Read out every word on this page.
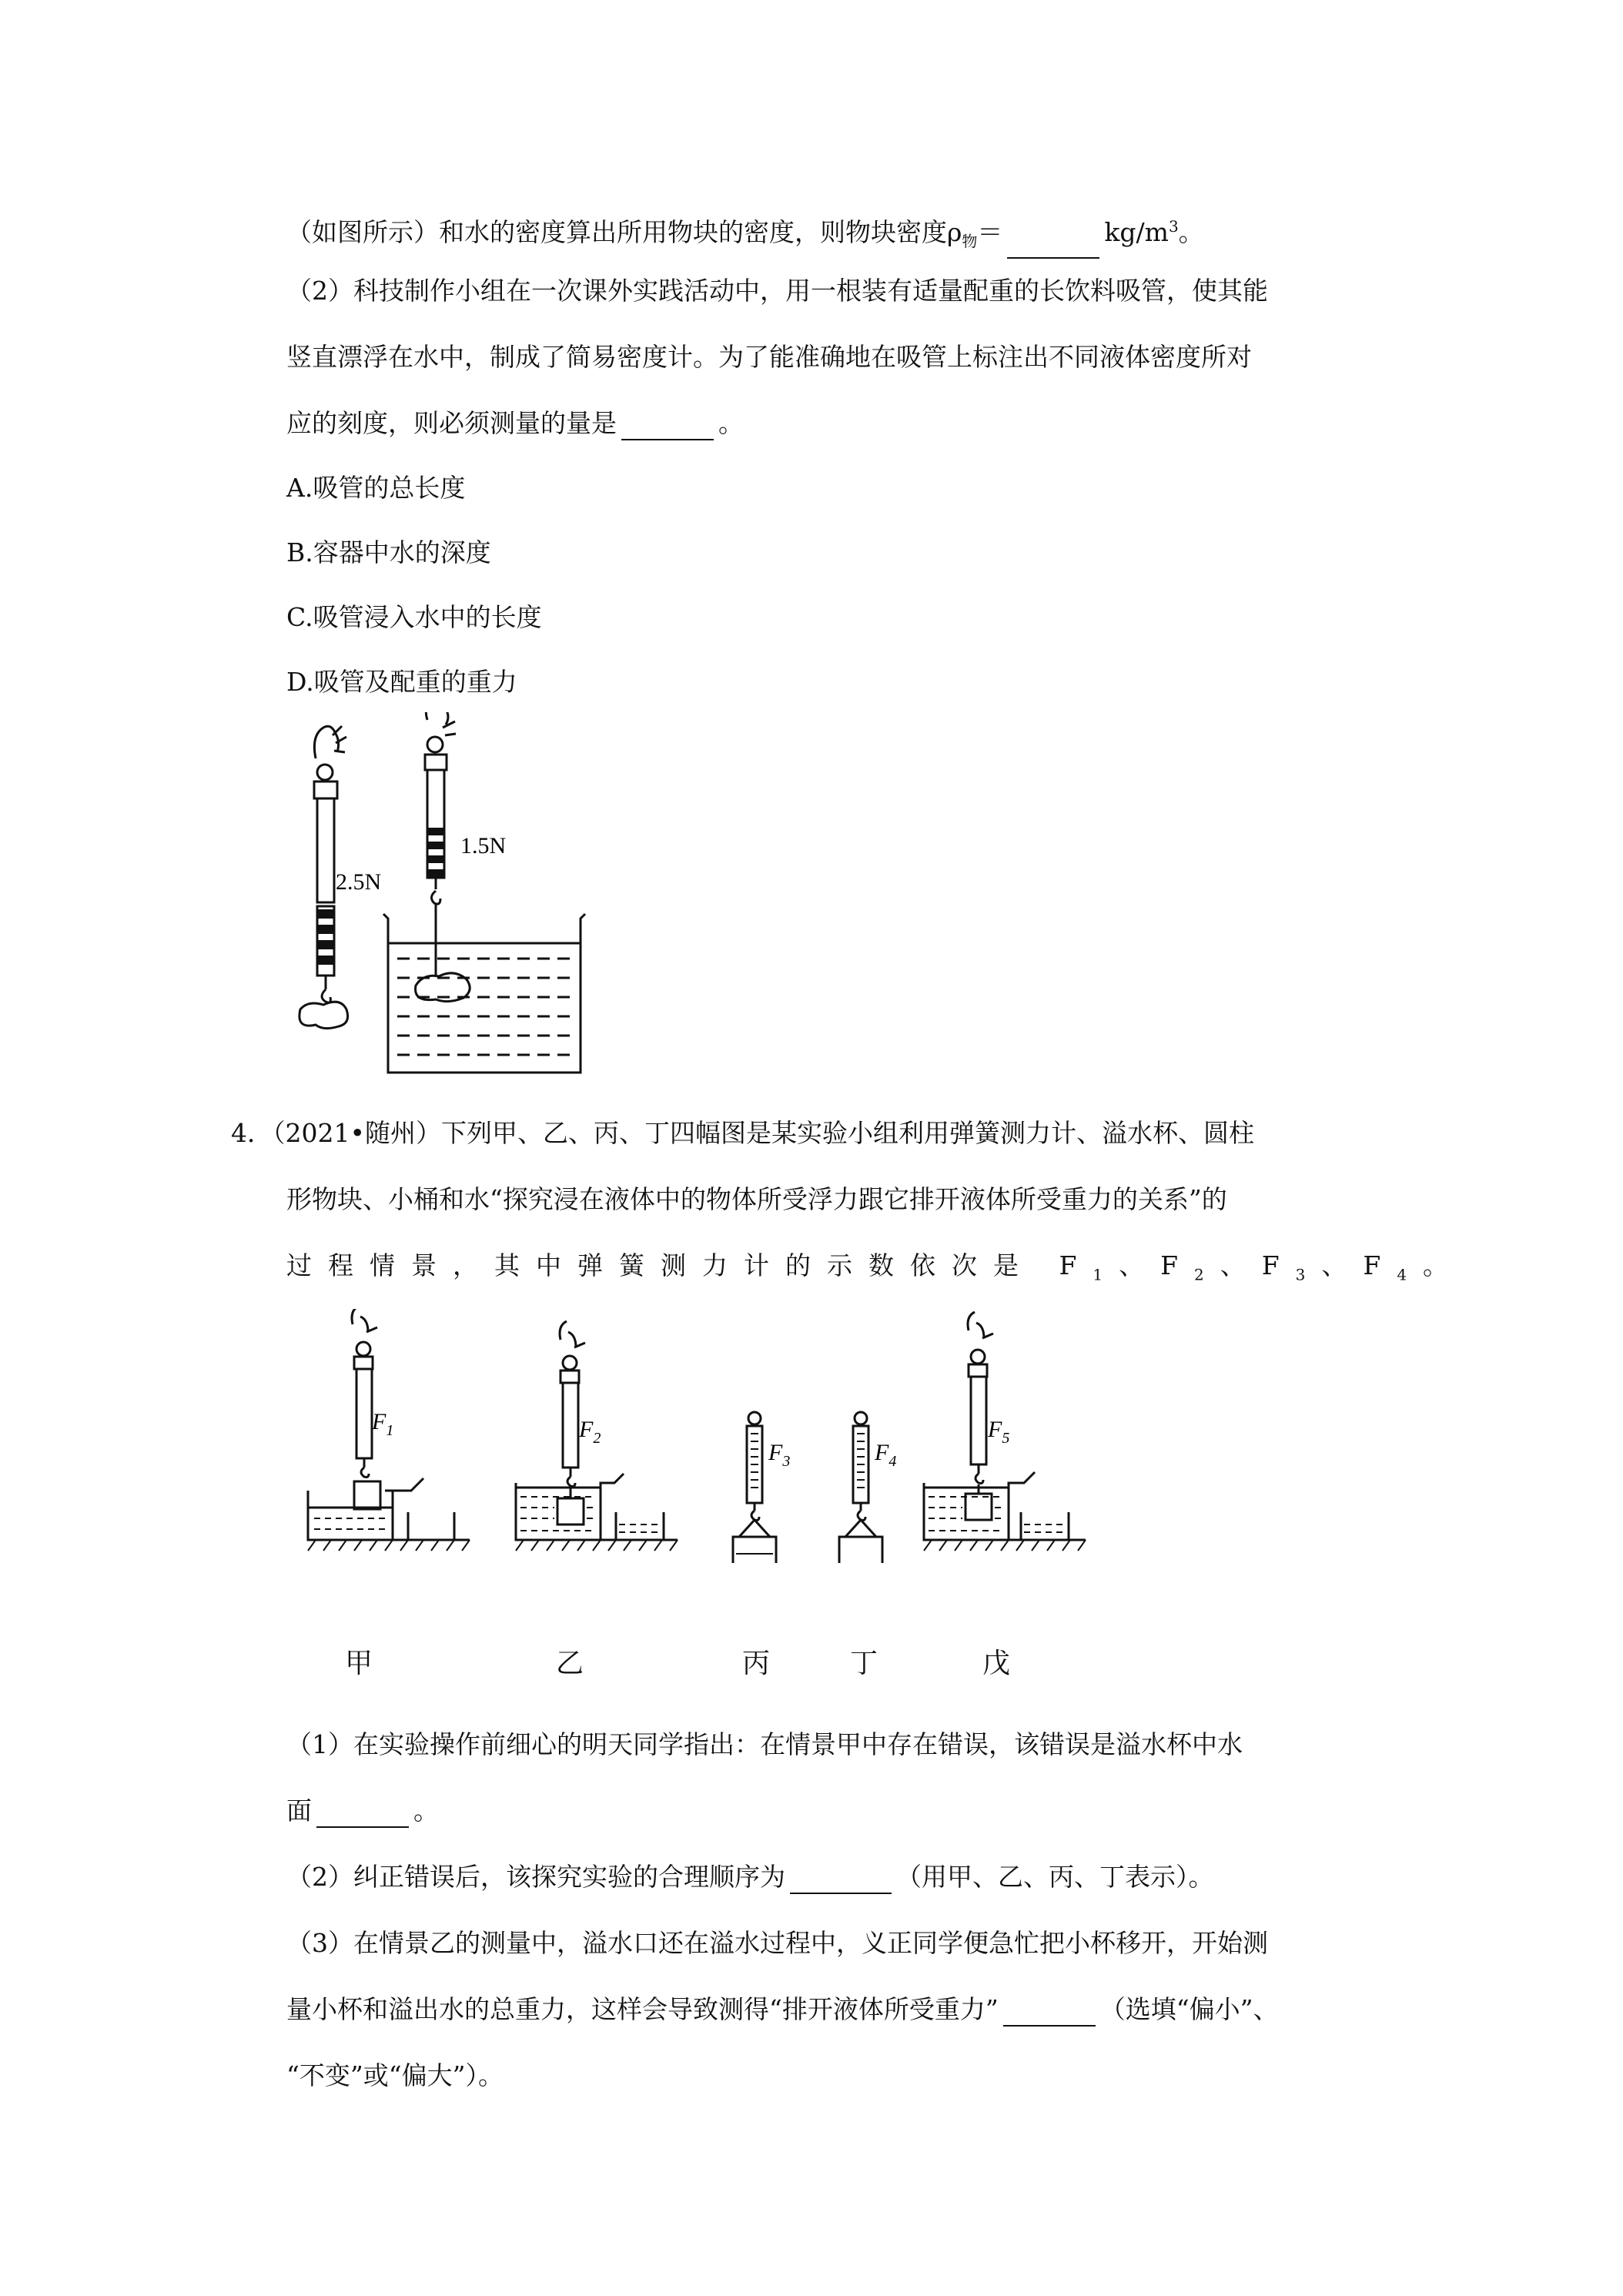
（如图所示）和水的密度算出所用物块的密度，则物块密度$\rho_物=$	$kg/m^3$。
（2）科技制作小组在一次课外实践活动中，用一根装有适量配重的长饮料吸管，使其能
竖直漂浮在水中，制成了简易密度计。为了能准确地在吸管上标注出不同液体密度所对
应的刻度，则必须测量的量是	。
A.吸管的总长度
B.容器中水的深度
C.吸管浸入水中的长度
D.吸管及配重的重力
2.5N
1.5N
4．（2021•随州）下列甲、乙、丙、丁四幅图是某实验小组利用弹簧测力计、溢水杯、圆柱
形物块、小桶和水“探究浸在液体中的物体所受浮力跟它排开液体所受重力的关系”的
过程情景，其中弹簧测力计的示数依次是 $F_1$、$F_2$、$F_3$、$F_4$。
$F_1$	$F_2$
$F_3$	$F_4$
$F_5$
甲	乙	丙	丁	戊
（1）在实验操作前细心的明天同学指出：在情景甲中存在错误，该错误是溢水杯中水
面	。
（2）纠正错误后，该探究实验的合理顺序为	（用甲、乙、丙、丁表示）。
（3）在情景乙的测量中，溢水口还在溢水过程中，义正同学便急忙把小杯移开，开始测
量小杯和溢出水的总重力，这样会导致测得“排开液体所受重力”	（选填“偏小”、
“不变”或“偏大”）。
